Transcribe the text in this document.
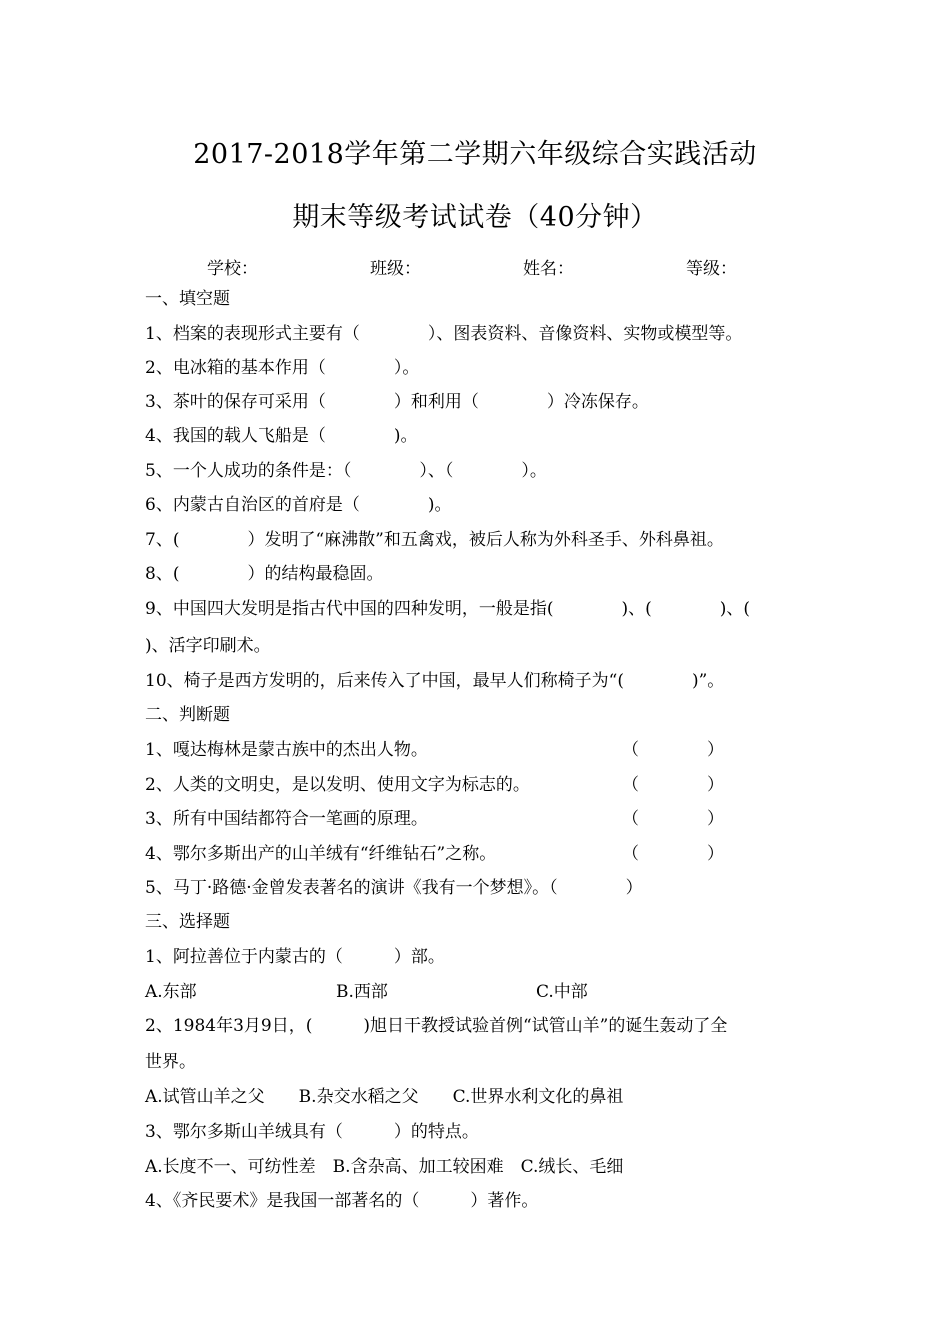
2017-2018学年第二学期六年级综合实践活动
期末等级考试试卷（40分钟）
学校：	班级：	姓名：	等级：
一、填空题
1、档案的表现形式主要有（　　　　）、图表资料、音像资料、实物或模型等。
2、电冰箱的基本作用（　　　　）。
3、茶叶的保存可采用（　　　　）和利用（　　　　）冷冻保存。
4、我国的载人飞船是（　　　　)。
5、一个人成功的条件是：（　　　　）、（　　　　）。
6、内蒙古自治区的首府是（　　　　)。
7、(　　　　）发明了“麻沸散”和五禽戏，被后人称为外科圣手、外科鼻祖。
8、(　　　　）的结构最稳固。
9、中国四大发明是指古代中国的四种发明，一般是指(　　　　)、(　　　　)、(
)、活字印刷术。
10、椅子是西方发明的，后来传入了中国，最早人们称椅子为“(　　　　)”。
二、判断题
1、嘎达梅林是蒙古族中的杰出人物。	（　　　　）
2、人类的文明史，是以发明、使用文字为标志的。	（　　　　）
3、所有中国结都符合一笔画的原理。	（　　　　）
4、鄂尔多斯出产的山羊绒有“纤维钻石”之称。	（　　　　）
5、马丁·路德·金曾发表著名的演讲《我有一个梦想》。（　　　　）
三、选择题
1、阿拉善位于内蒙古的（　　　）部。
A.东部	B.西部	C.中部
2、1984年3月9日，(　　　)旭日干教授试验首例“试管山羊”的诞生轰动了全
世界。
A.试管山羊之父　　B.杂交水稻之父　　C.世界水利文化的鼻祖
3、鄂尔多斯山羊绒具有（　　　）的特点。
A.长度不一、可纺性差　B.含杂高、加工较困难　C.绒长、毛细
4、《齐民要术》是我国一部著名的（　　　）著作。
